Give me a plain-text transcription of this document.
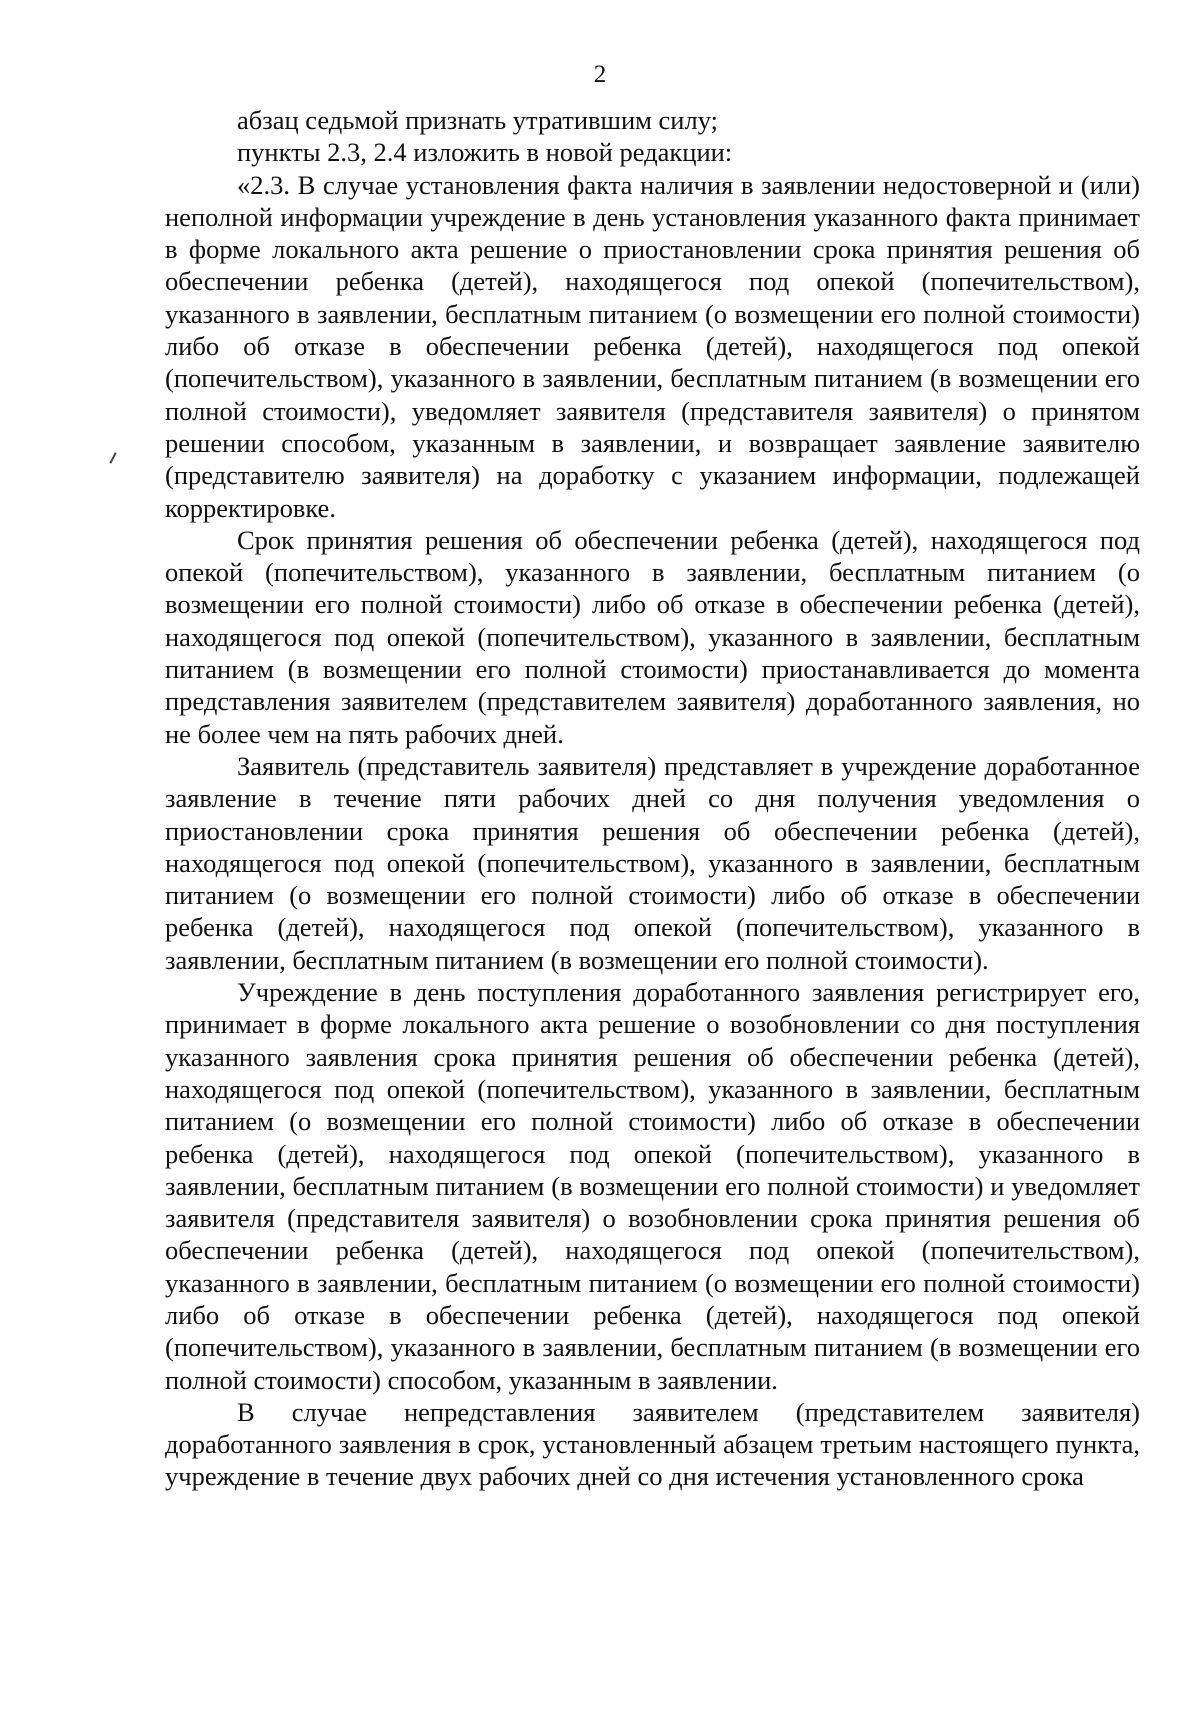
2

абзац седьмой признать утратившим силу;

пункты 2.3, 2.4 изложить в новой редакции:

«2.3. В случае установления факта наличия в заявлении недостоверной и (или) неполной информации учреждение в день установления указанного факта принимает в форме локального акта решение о приостановлении срока принятия решения об обеспечении ребенка (детей), находящегося под опекой (попечительством), указанного в заявлении, бесплатным питанием (о возмещении его полной стоимости) либо об отказе в обеспечении ребенка (детей), находящегося под опекой (попечительством), указанного в заявлении, бесплатным питанием (в возмещении его полной стоимости), уведомляет заявителя (представителя заявителя) о принятом решении способом, указанным в заявлении, и возвращает заявление заявителю (представителю заявителя) на доработку с указанием информации, подлежащей корректировке.

Срок принятия решения об обеспечении ребенка (детей), находящегося под опекой (попечительством), указанного в заявлении, бесплатным питанием (о возмещении его полной стоимости) либо об отказе в обеспечении ребенка (детей), находящегося под опекой (попечительством), указанного в заявлении, бесплатным питанием (в возмещении его полной стоимости) приостанавливается до момента представления заявителем (представителем заявителя) доработанного заявления, но не более чем на пять рабочих дней.

Заявитель (представитель заявителя) представляет в учреждение доработанное заявление в течение пяти рабочих дней со дня получения уведомления о приостановлении срока принятия решения об обеспечении ребенка (детей), находящегося под опекой (попечительством), указанного в заявлении, бесплатным питанием (о возмещении его полной стоимости) либо об отказе в обеспечении ребенка (детей), находящегося под опекой (попечительством), указанного в заявлении, бесплатным питанием (в возмещении его полной стоимости).

Учреждение в день поступления доработанного заявления регистрирует его, принимает в форме локального акта решение о возобновлении со дня поступления указанного заявления срока принятия решения об обеспечении ребенка (детей), находящегося под опекой (попечительством), указанного в заявлении, бесплатным питанием (о возмещении его полной стоимости) либо об отказе в обеспечении ребенка (детей), находящегося под опекой (попечительством), указанного в заявлении, бесплатным питанием (в возмещении его полной стоимости) и уведомляет заявителя (представителя заявителя) о возобновлении срока принятия решения об обеспечении ребенка (детей), находящегося под опекой (попечительством), указанного в заявлении, бесплатным питанием (о возмещении его полной стоимости) либо об отказе в обеспечении ребенка (детей), находящегося под опекой (попечительством), указанного в заявлении, бесплатным питанием (в возмещении его полной стоимости) способом, указанным в заявлении.

В случае непредставления заявителем (представителем заявителя) доработанного заявления в срок, установленный абзацем третьим настоящего пункта, учреждение в течение двух рабочих дней со дня истечения установленного срока
